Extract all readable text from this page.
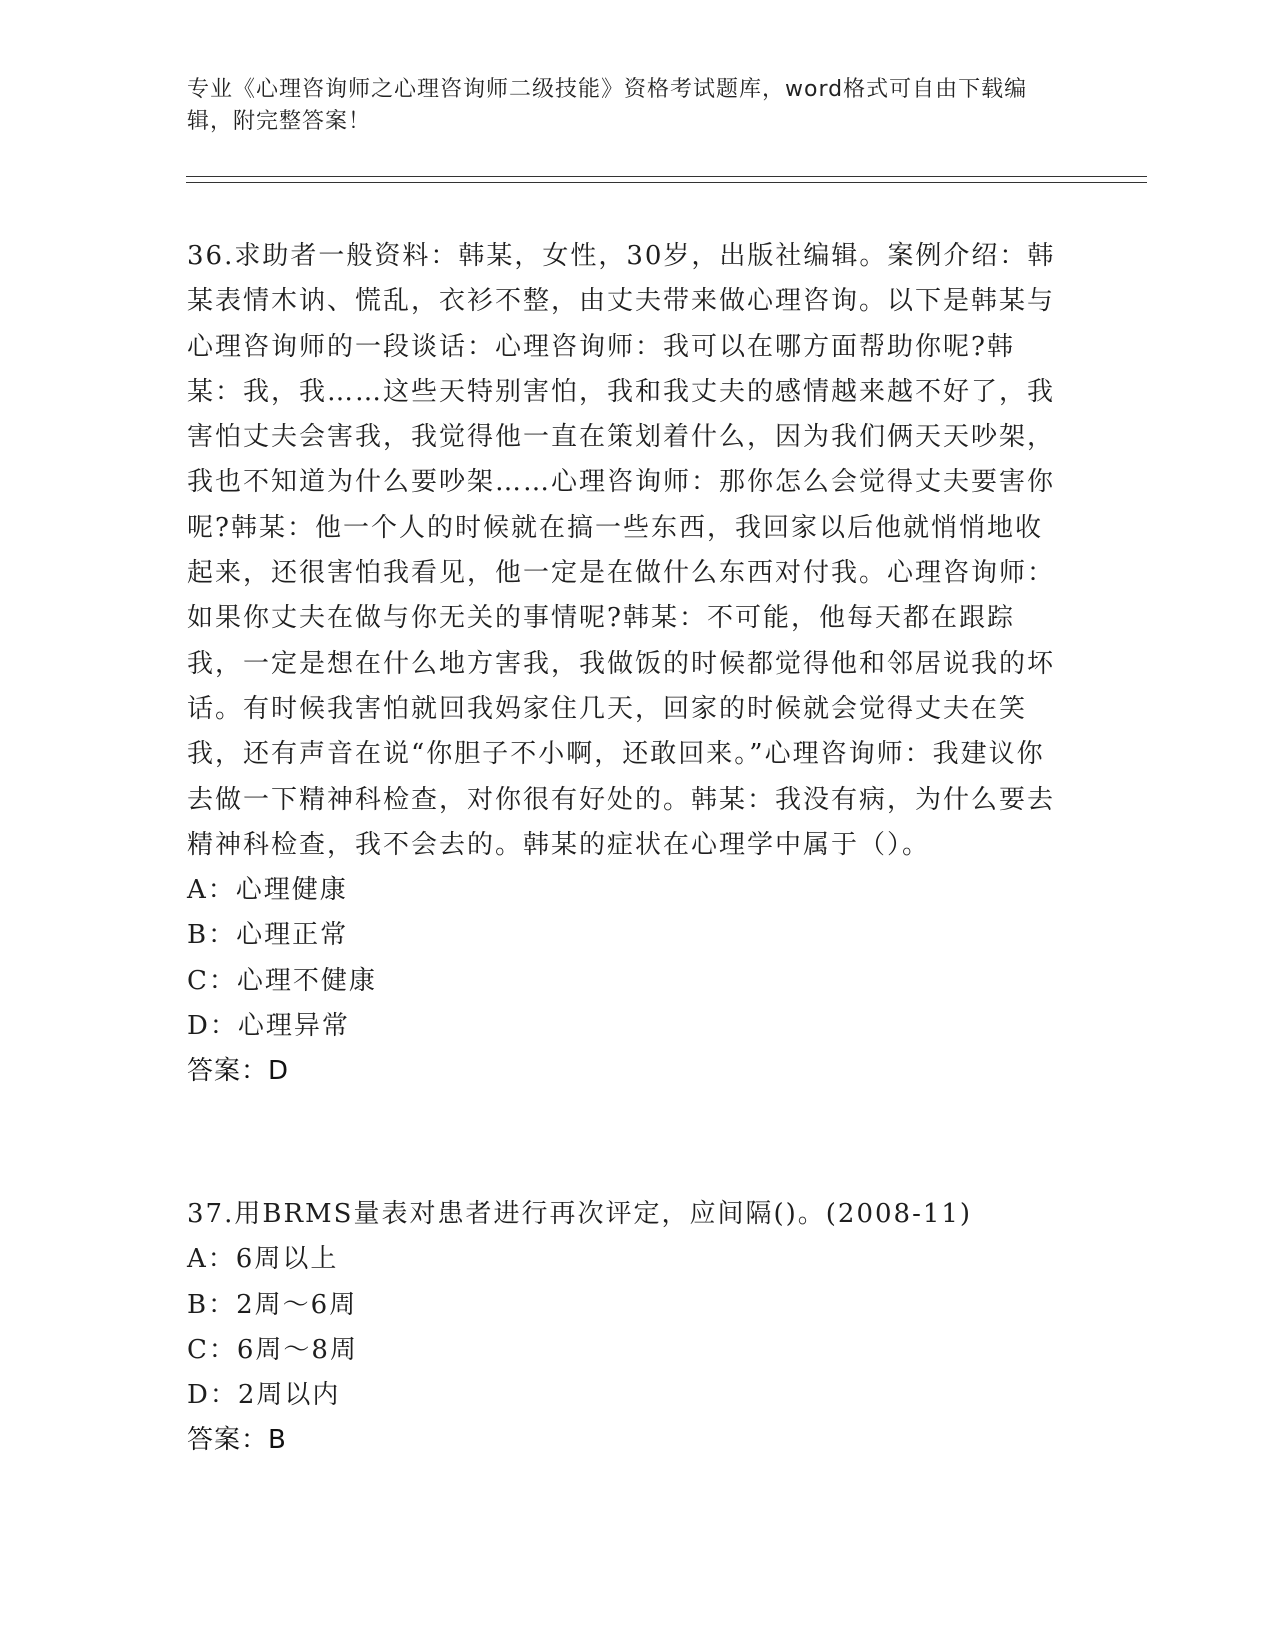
专业《心理咨询师之心理咨询师二级技能》资格考试题库，word格式可自由下载编辑，附完整答案！

36.求助者一般资料：韩某，女性，30岁，出版社编辑。案例介绍：韩某表情木讷、慌乱，衣衫不整，由丈夫带来做心理咨询。以下是韩某与心理咨询师的一段谈话：心理咨询师：我可以在哪方面帮助你呢?韩某：我，我……这些天特别害怕，我和我丈夫的感情越来越不好了，我害怕丈夫会害我，我觉得他一直在策划着什么，因为我们俩天天吵架，我也不知道为什么要吵架……心理咨询师：那你怎么会觉得丈夫要害你呢?韩某：他一个人的时候就在搞一些东西，我回家以后他就悄悄地收起来，还很害怕我看见，他一定是在做什么东西对付我。心理咨询师：如果你丈夫在做与你无关的事情呢?韩某：不可能，他每天都在跟踪我，一定是想在什么地方害我，我做饭的时候都觉得他和邻居说我的坏话。有时候我害怕就回我妈家住几天，回家的时候就会觉得丈夫在笑我，还有声音在说“你胆子不小啊，还敢回来。”心理咨询师：我建议你去做一下精神科检查，对你很有好处的。韩某：我没有病，为什么要去精神科检查，我不会去的。韩某的症状在心理学中属于（）。

A：心理健康
B：心理正常
C：心理不健康
D：心理异常

答案：D

37.用BRMS量表对患者进行再次评定，应间隔()。(2008-11)

A：6周以上
B：2周～6周
C：6周～8周
D：2周以内

答案：B
